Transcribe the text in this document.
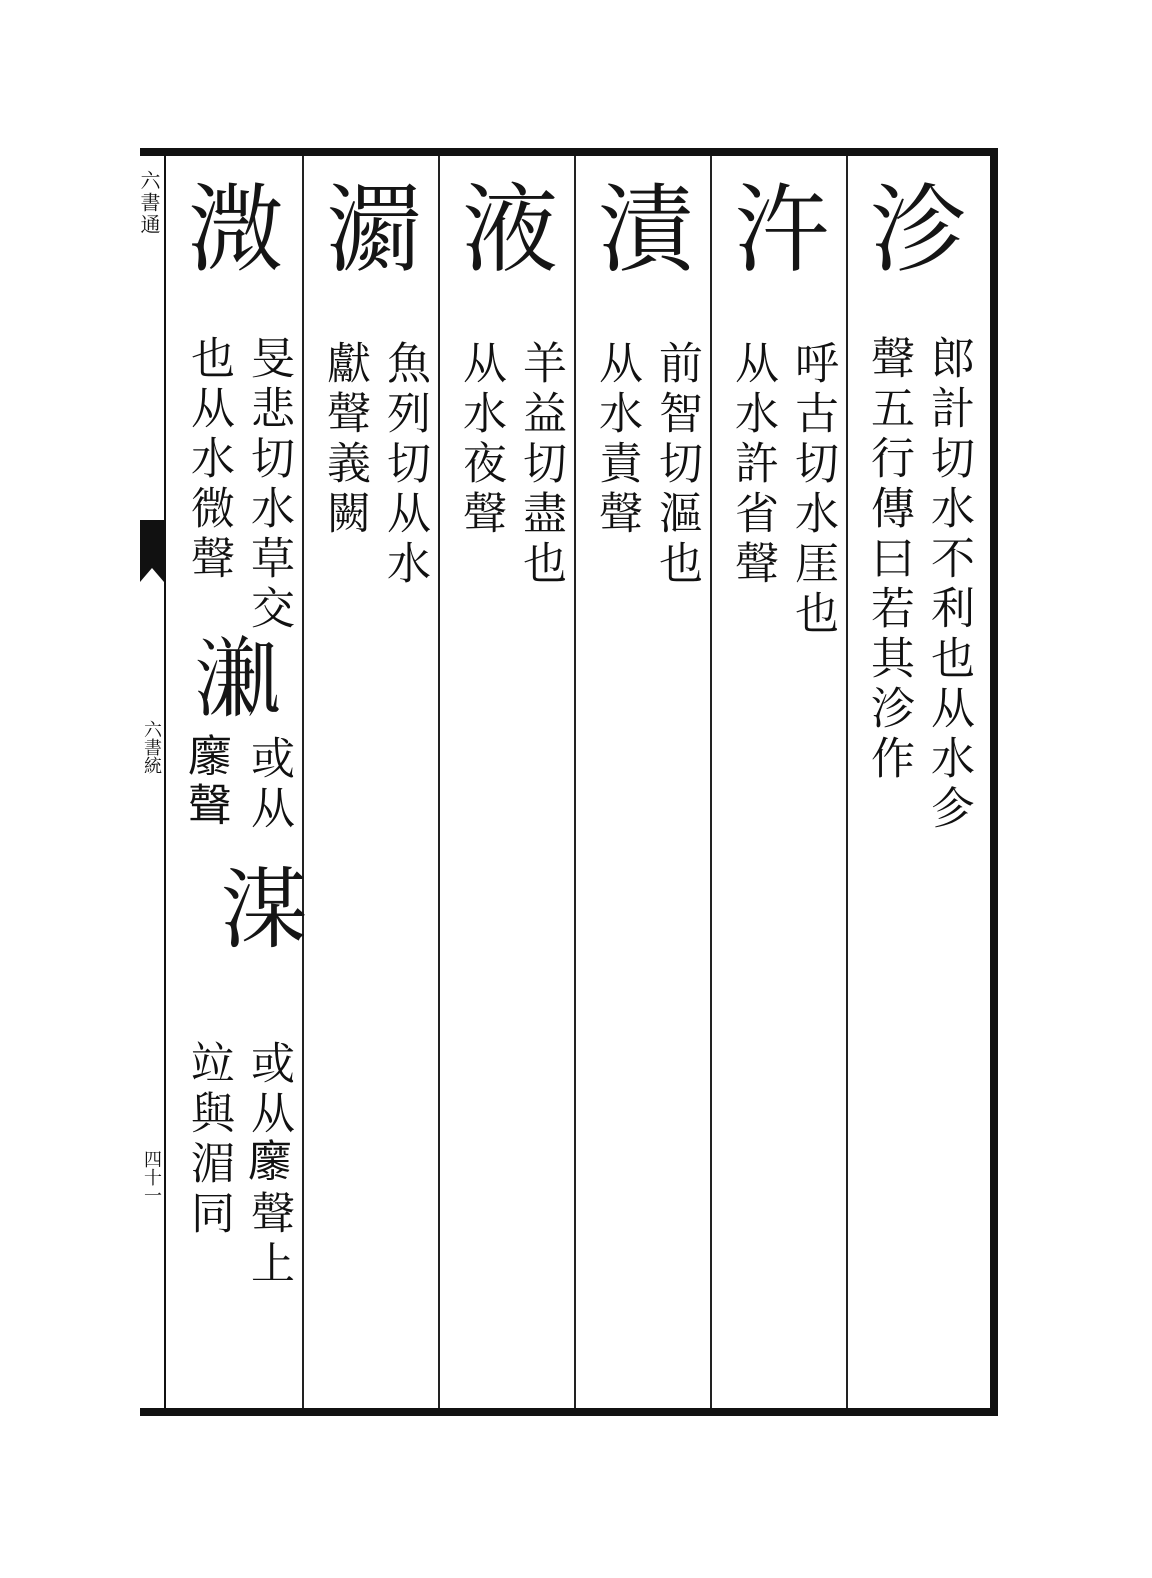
六書通
六書統
四十一
沴
郎計切水不利也从水㐱
聲五行傳曰若其沴作
汻
呼古切水厓也
从水許省聲
漬
前智切漚也
从水責聲
液
羊益切盡也
从水夜聲
瀱
魚列切从水
獻聲義闕
溦
旻悲切水草交
也从水微聲
𣽳
或从
𪎭聲
湈
或从𪎭聲上
竝與湄同
